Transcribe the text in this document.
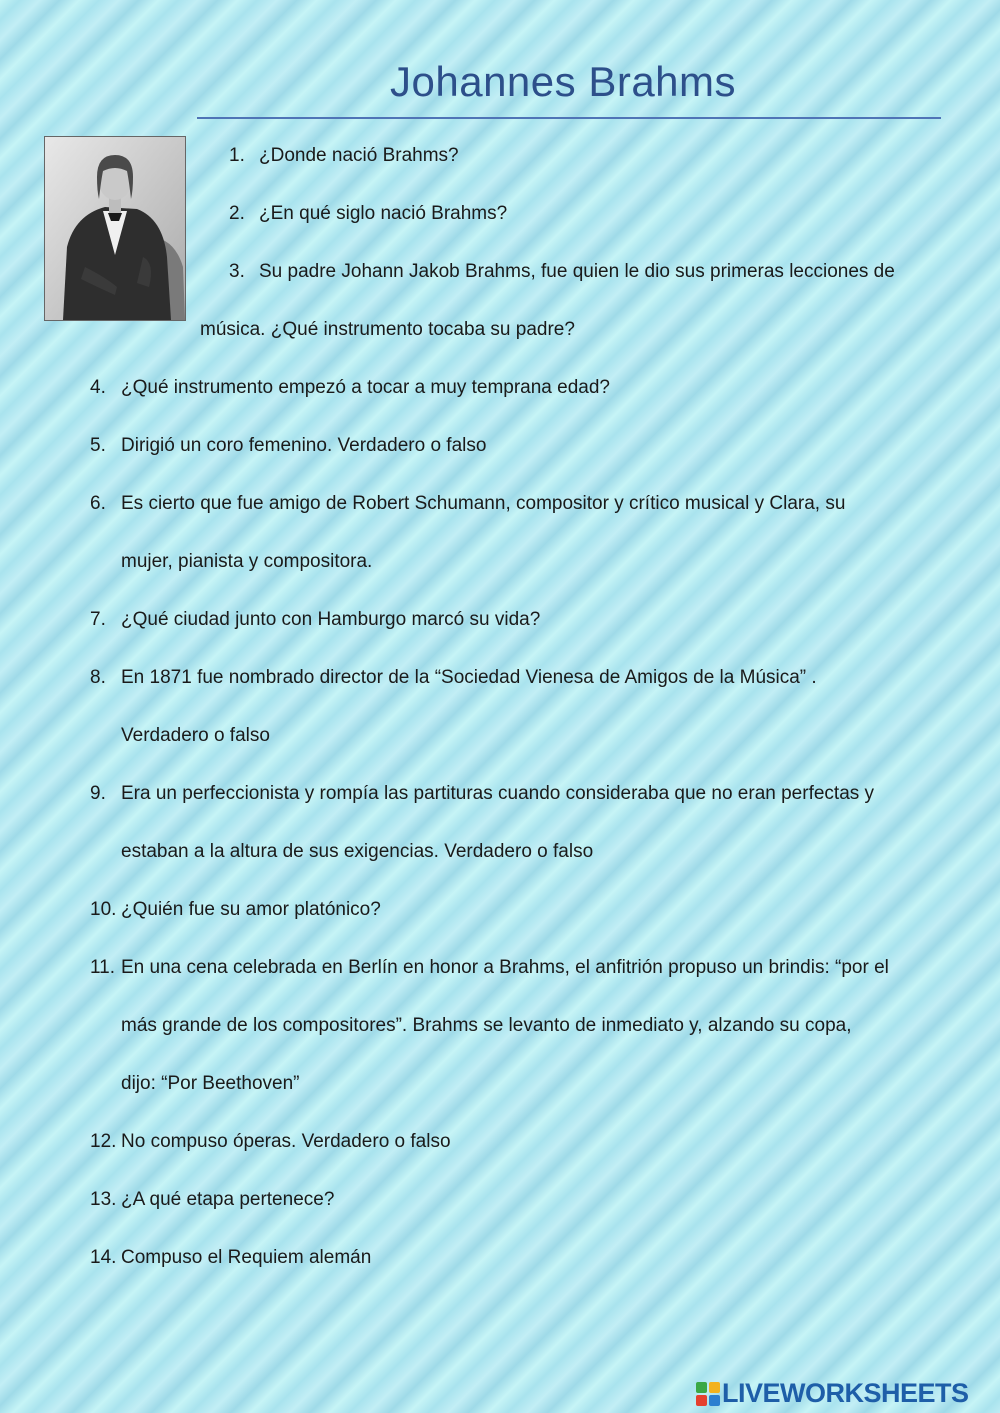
Johannes Brahms
1. ¿Donde nació Brahms?
2. ¿En qué siglo nació Brahms?
3. Su padre Johann Jakob Brahms, fue quien le dio sus primeras lecciones de
música. ¿Qué instrumento tocaba su padre?
4. ¿Qué instrumento empezó a tocar a muy temprana edad?
5. Dirigió un coro femenino. Verdadero o falso
6. Es cierto que fue amigo de Robert Schumann, compositor y crítico musical y Clara, su
mujer, pianista y compositora.
7. ¿Qué ciudad junto con Hamburgo marcó su vida?
8. En 1871 fue nombrado director de la “Sociedad Vienesa de Amigos de la Música” .
Verdadero o falso
9. Era un perfeccionista y rompía las partituras cuando consideraba que no eran perfectas y
estaban a la altura de sus exigencias. Verdadero o falso
10. ¿Quién fue su amor platónico?
11. En una cena celebrada en Berlín en honor a Brahms, el anfitrión propuso un brindis: “por el
más grande de los compositores”. Brahms se levanto de inmediato y, alzando su copa,
dijo: “Por Beethoven”
12. No compuso óperas. Verdadero o falso
13. ¿A qué etapa pertenece?
14. Compuso el Requiem alemán
LIVEWORKSHEETS
